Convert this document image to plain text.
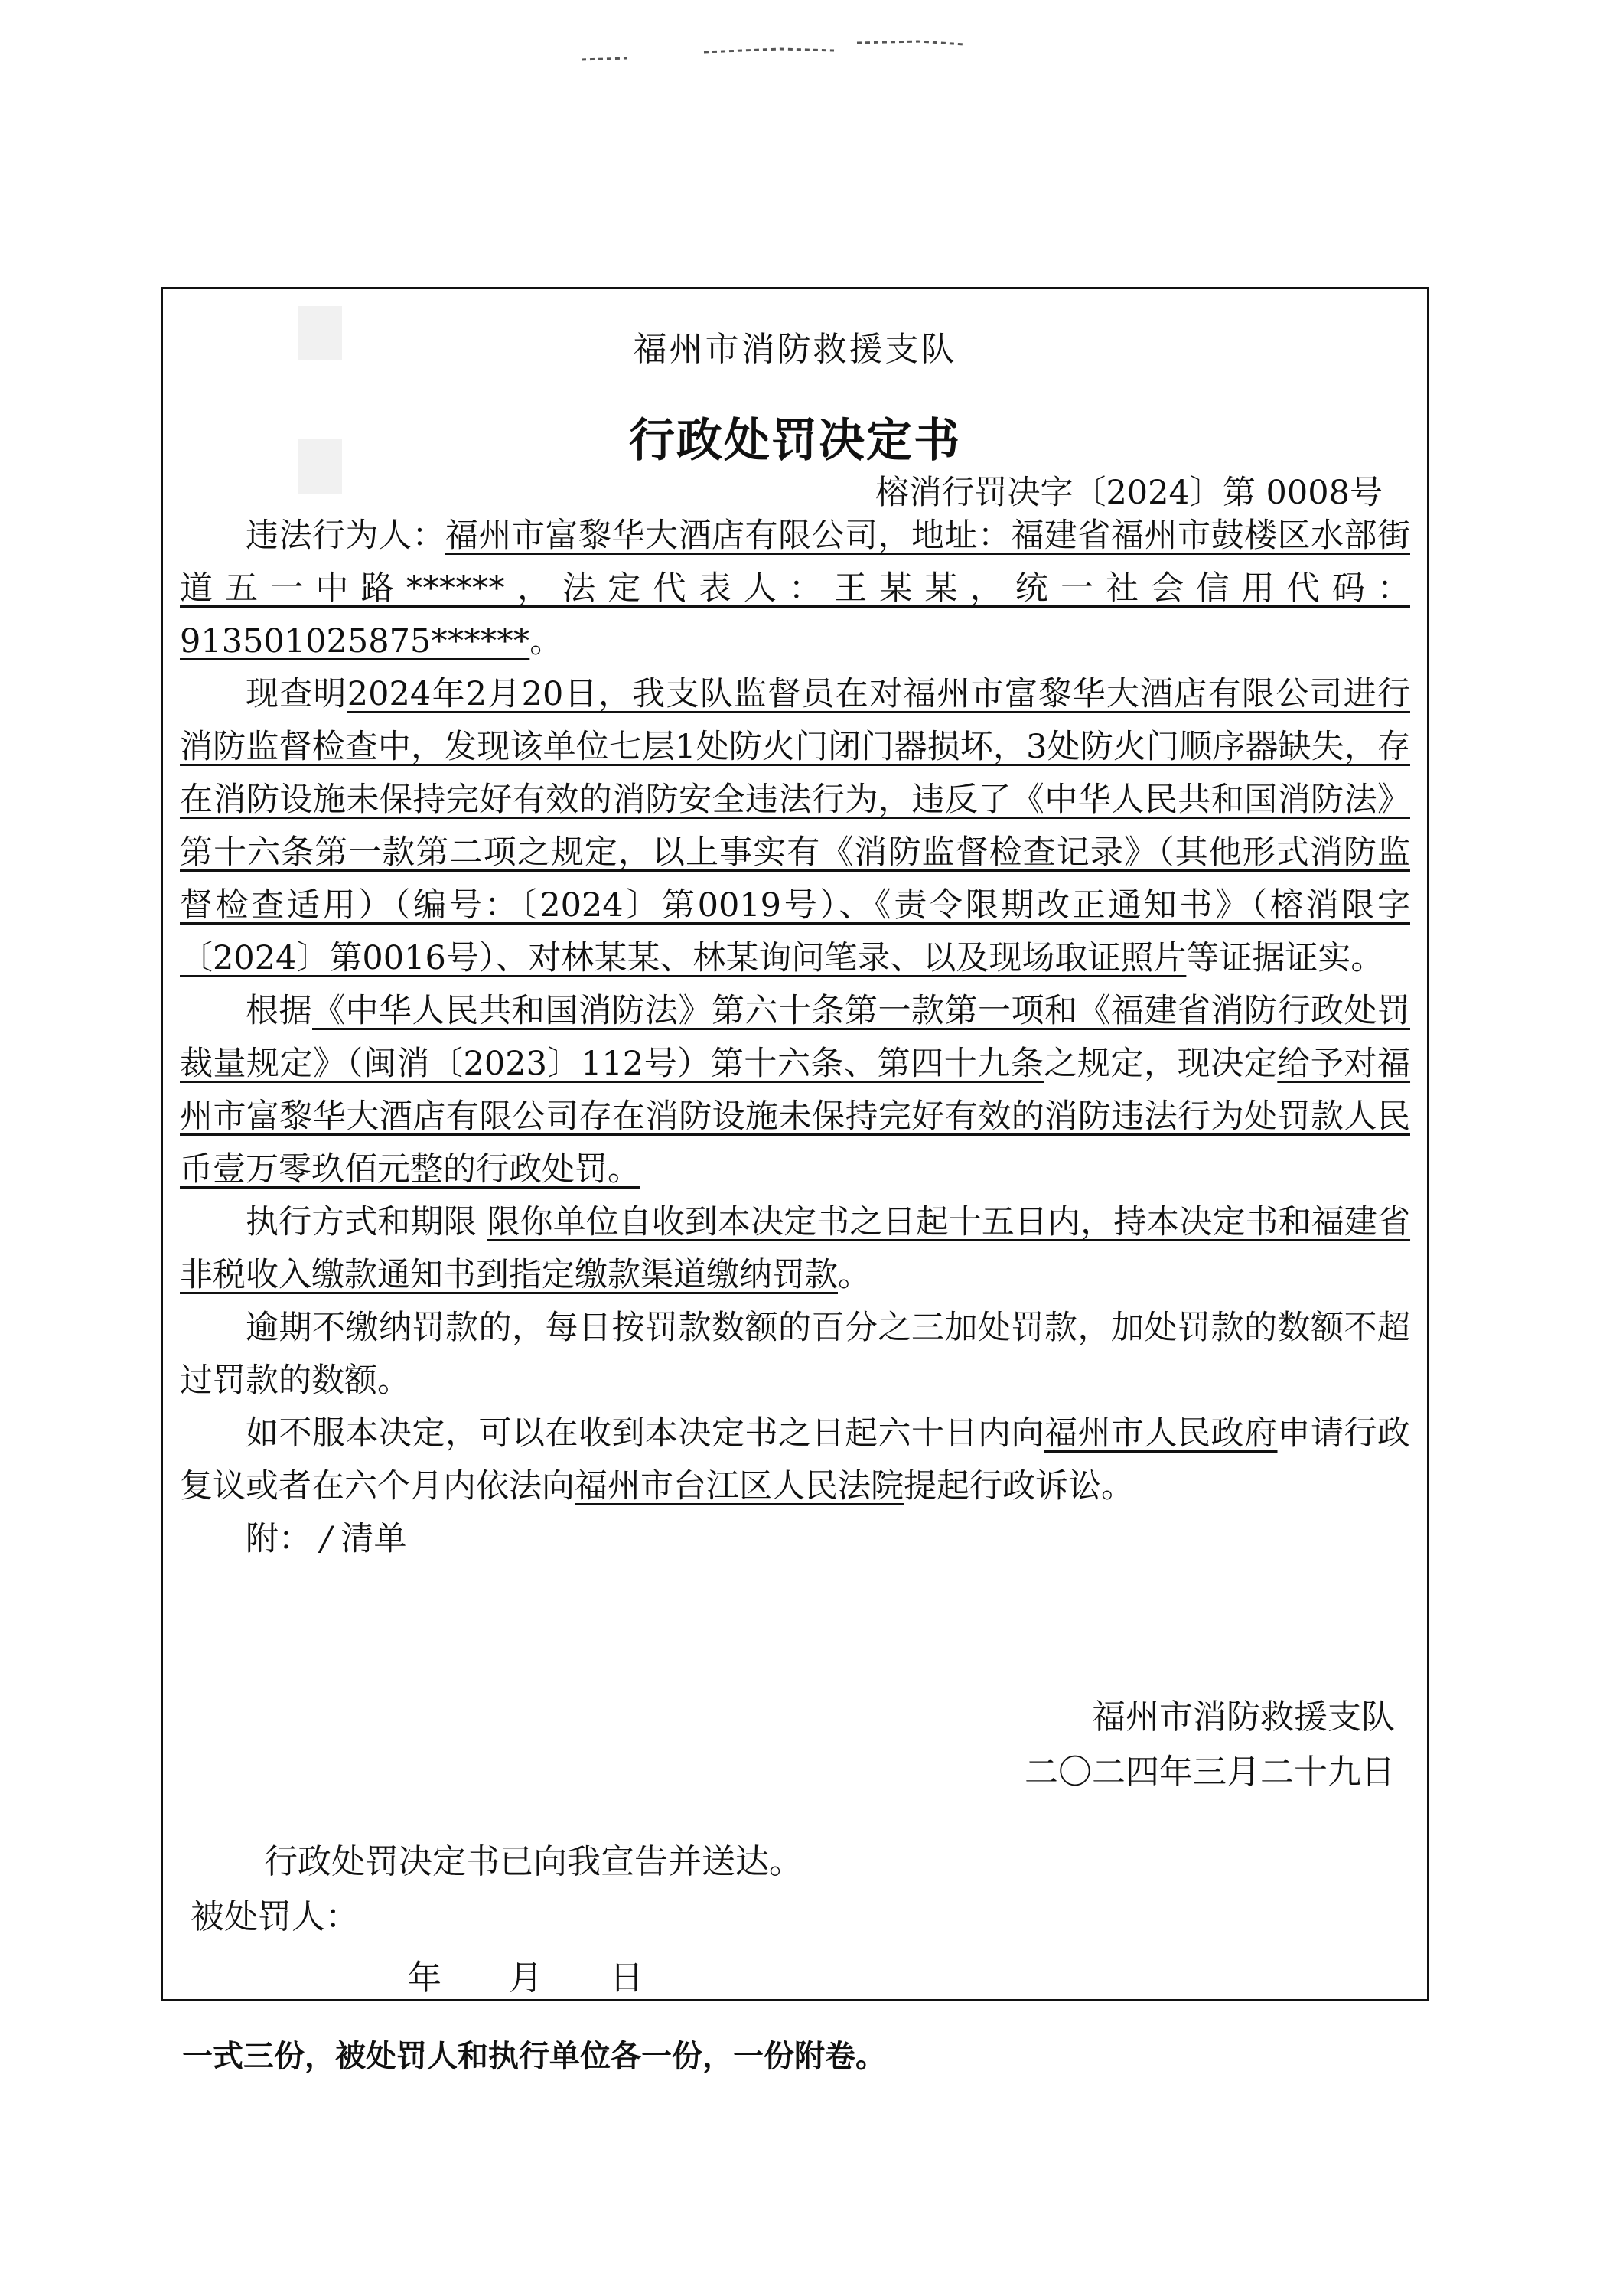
福州市消防救援支队
行政处罚决定书
榕消行罚决字〔2024〕第 0008号

违法行为人：福州市富黎华大酒店有限公司，地址：福建省福州市鼓楼区水部街道五一中路******，法定代表人：王某某，统一社会信用代码：913501025875******。

现查明2024年2月20日，我支队监督员在对福州市富黎华大酒店有限公司进行消防监督检查中，发现该单位七层1处防火门闭门器损坏，3处防火门顺序器缺失，存在消防设施未保持完好有效的消防安全违法行为，违反了《中华人民共和国消防法》第十六条第一款第二项之规定，以上事实有《消防监督检查记录》（其他形式消防监督检查适用）（编号：〔2024〕第0019号）、《责令限期改正通知书》（榕消限字〔2024〕第0016号）、对林某某、林某询问笔录、以及现场取证照片等证据证实。

根据《中华人民共和国消防法》第六十条第一款第一项和《福建省消防行政处罚裁量规定》（闽消〔2023〕112号）第十六条、第四十九条之规定，现决定给予对福州市富黎华大酒店有限公司存在消防设施未保持完好有效的消防违法行为处罚款人民币壹万零玖佰元整的行政处罚。

执行方式和期限 限你单位自收到本决定书之日起十五日内，持本决定书和福建省非税收入缴款通知书到指定缴款渠道缴纳罚款。

逾期不缴纳罚款的，每日按罚款数额的百分之三加处罚款，加处罚款的数额不超过罚款的数额。

如不服本决定，可以在收到本决定书之日起六十日内向福州市人民政府申请行政复议或者在六个月内依法向福州市台江区人民法院提起行政诉讼。

附： / 清单

福州市消防救援支队
二〇二四年三月二十九日
行政处罚决定书已向我宣告并送达。
被处罚人：
年　　月　　日
一式三份，被处罚人和执行单位各一份，一份附卷。
